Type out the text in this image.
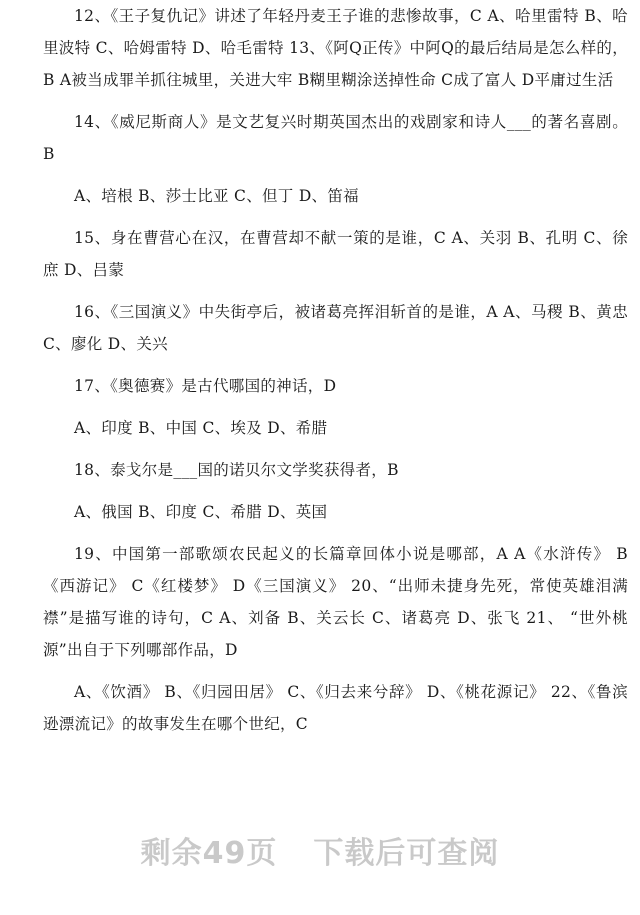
12、《王子复仇记》讲述了年轻丹麦王子谁的悲惨故事，C A、哈里雷特 B、哈里波特 C、哈姆雷特 D、哈毛雷特 13、《阿Q正传》中阿Q的最后结局是怎么样的，B A被当成罪羊抓往城里，关进大牢 B糊里糊涂送掉性命 C成了富人 D平庸过生活

14、《威尼斯商人》是文艺复兴时期英国杰出的戏剧家和诗人___的著名喜剧。 B

A、培根 B、莎士比亚 C、但丁 D、笛福

15、身在曹营心在汉，在曹营却不献一策的是谁，C A、关羽 B、孔明 C、徐庶 D、吕蒙

16、《三国演义》中失街亭后，被诸葛亮挥泪斩首的是谁，A A、马稷 B、黄忠 C、廖化 D、关兴

17、《奥德赛》是古代哪国的神话，D

A、印度 B、中国 C、埃及 D、希腊

18、泰戈尔是___国的诺贝尔文学奖获得者，B

A、俄国 B、印度 C、希腊 D、英国

19、中国第一部歌颂农民起义的长篇章回体小说是哪部，A A《水浒传》 B《西游记》 C《红楼梦》 D《三国演义》 20、“出师未捷身先死，常使英雄泪满襟”是描写谁的诗句，C A、刘备 B、关云长 C、诸葛亮 D、张飞 21、 “世外桃源”出自于下列哪部作品，D

A、《饮酒》 B、《归园田居》 C、《归去来兮辞》 D、《桃花源记》 22、《鲁滨逊漂流记》的故事发生在哪个世纪，C

剩余49页 下载后可查阅
